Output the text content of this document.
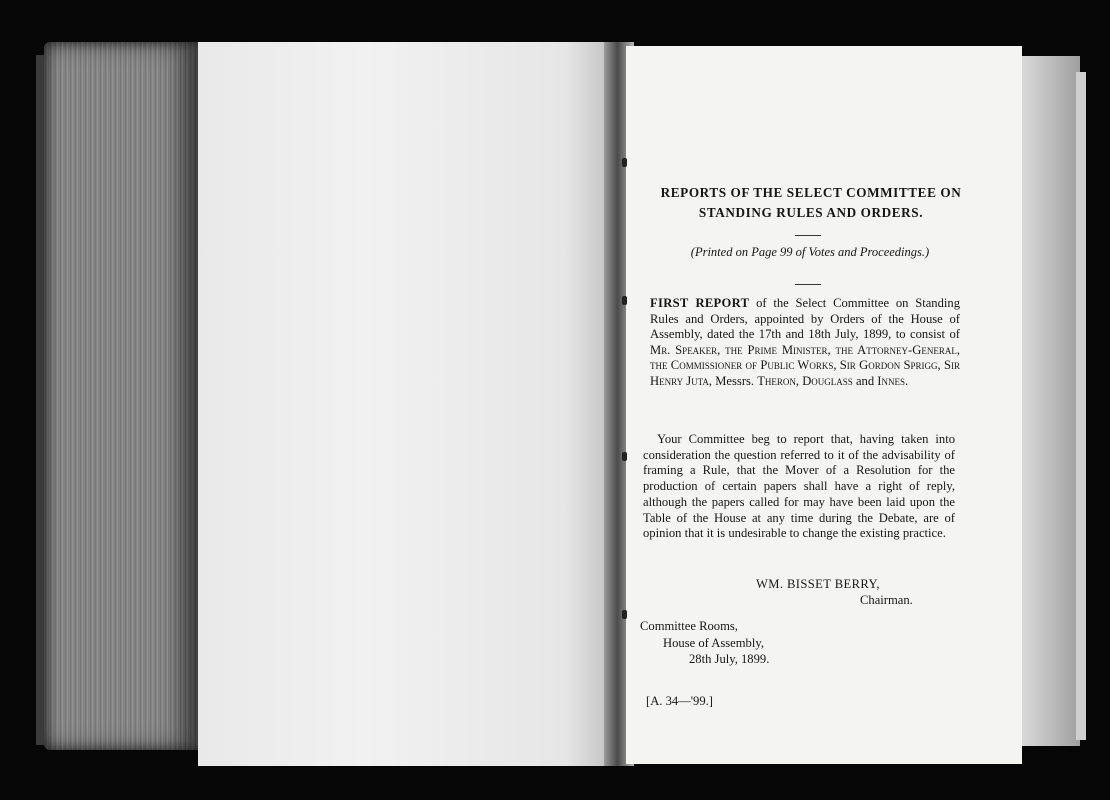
REPORTS OF THE SELECT COMMITTEE ON
STANDING RULES AND ORDERS.
(Printed on Page 99 of Votes and Proceedings.)
FIRST REPORT of the Select Committee on Standing Rules and Orders, appointed by Orders of the House of Assembly, dated the 17th and 18th July, 1899, to consist of Mr. Speaker, the Prime Minister, the Attorney-General, the Commissioner of Public Works, Sir Gordon Sprigg, Sir Henry Juta, Messrs. Theron, Douglass and Innes.
Your Committee beg to report that, having taken into consideration the question referred to it of the advisability of framing a Rule, that the Mover of a Resolution for the production of certain papers shall have a right of reply, although the papers called for may have been laid upon the Table of the House at any time during the Debate, are of opinion that it is undesirable to change the existing practice.
WM. BISSET BERRY,
Chairman.
Committee Rooms,
House of Assembly,
28th July, 1899.
[A. 34—'99.]
